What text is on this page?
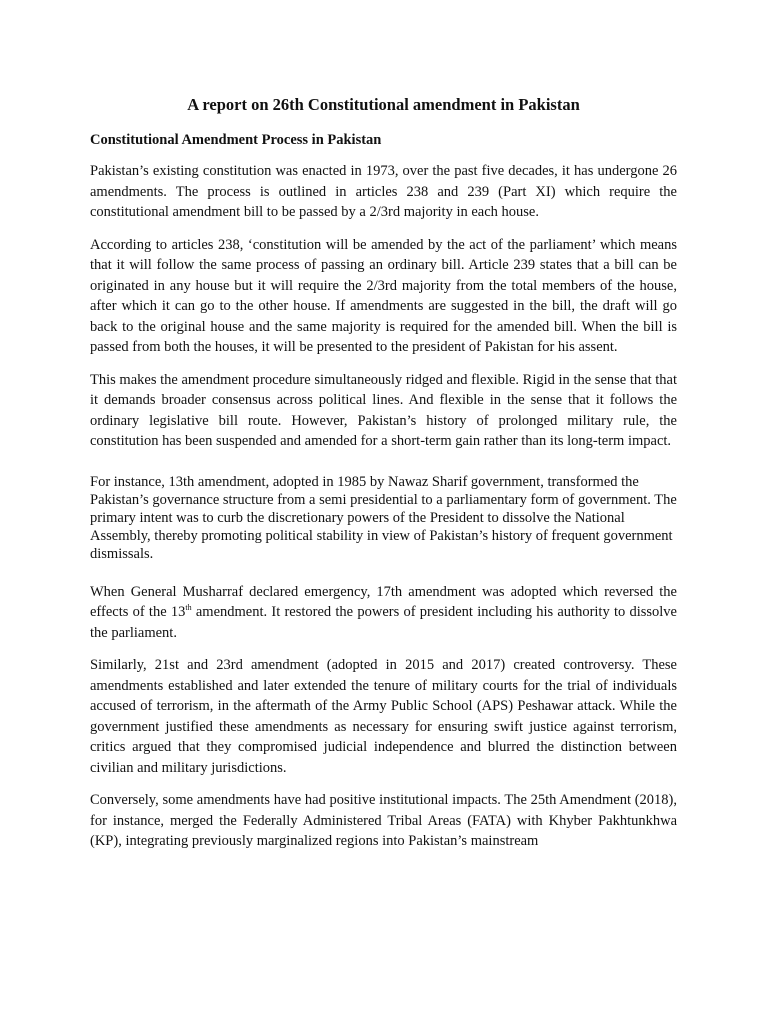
A report on 26th Constitutional amendment in Pakistan
Constitutional Amendment Process in Pakistan

Pakistan’s existing constitution was enacted in 1973, over the past five decades, it has undergone 26 amendments. The process is outlined in articles 238 and 239 (Part XI) which require the constitutional amendment bill to be passed by a 2/3rd majority in each house.

According to articles 238, ‘constitution will be amended by the act of the parliament’ which means that it will follow the same process of passing an ordinary bill. Article 239 states that a bill can be originated in any house but it will require the 2/3rd majority from the total members of the house, after which it can go to the other house. If amendments are suggested in the bill, the draft will go back to the original house and the same majority is required for the amended bill. When the bill is passed from both the houses, it will be presented to the president of Pakistan for his assent.

This makes the amendment procedure simultaneously ridged and flexible. Rigid in the sense that that it demands broader consensus across political lines. And flexible in the sense that it follows the ordinary legislative bill route. However, Pakistan’s history of prolonged military rule, the constitution has been suspended and amended for a short-term gain rather than its long-term impact.

For instance, 13th amendment, adopted in 1985 by Nawaz Sharif government, transformed the Pakistan’s governance structure from a semi presidential to a parliamentary form of government. The primary intent was to curb the discretionary powers of the President to dissolve the National Assembly, thereby promoting political stability in view of Pakistan’s history of frequent government dismissals.

When General Musharraf declared emergency, 17th amendment was adopted which reversed the effects of the 13th amendment. It restored the powers of president including his authority to dissolve the parliament.

Similarly, 21st and 23rd amendment (adopted in 2015 and 2017) created controversy. These amendments established and later extended the tenure of military courts for the trial of individuals accused of terrorism, in the aftermath of the Army Public School (APS) Peshawar attack. While the government justified these amendments as necessary for ensuring swift justice against terrorism, critics argued that they compromised judicial independence and blurred the distinction between civilian and military jurisdictions.

Conversely, some amendments have had positive institutional impacts. The 25th Amendment (2018), for instance, merged the Federally Administered Tribal Areas (FATA) with Khyber Pakhtunkhwa (KP), integrating previously marginalized regions into Pakistan’s mainstream
